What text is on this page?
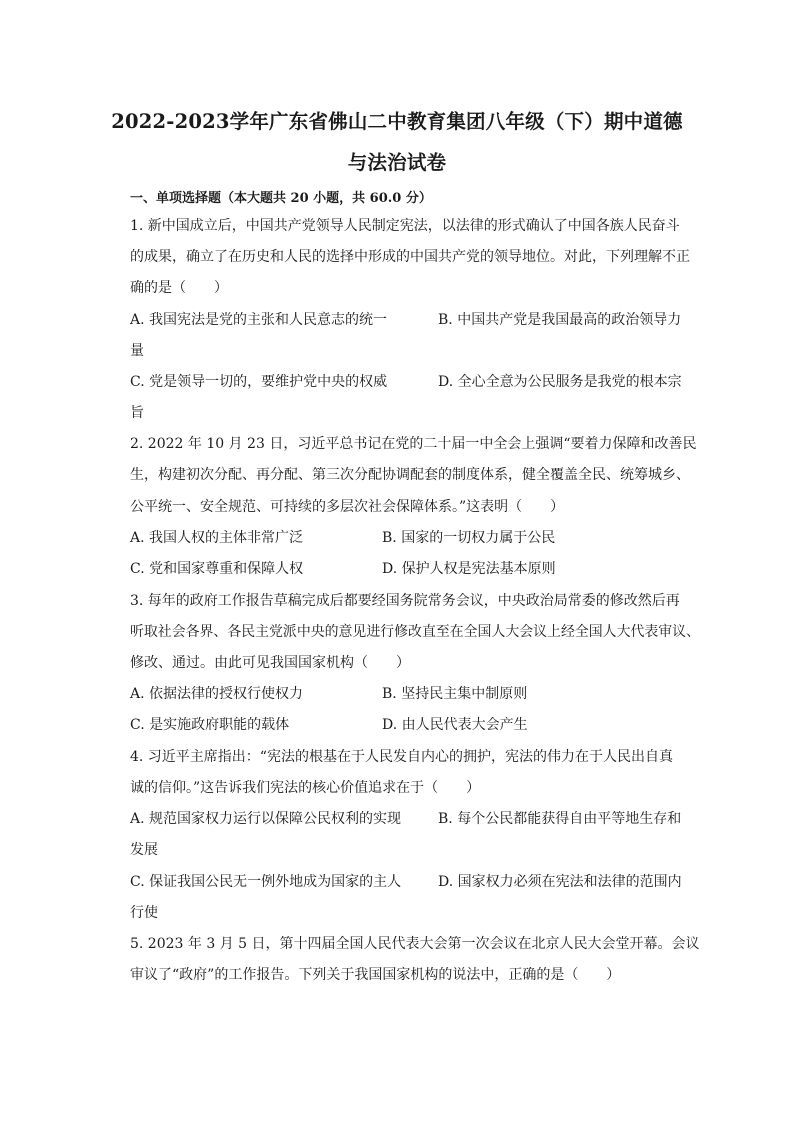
2022-2023学年广东省佛山二中教育集团八年级（下）期中道德
与法治试卷
一、单项选择题（本大题共 20 小题，共 60.0 分）
1. 新中国成立后，中国共产党领导人民制定宪法，以法律的形式确认了中国各族人民奋斗
的成果，确立了在历史和人民的选择中形成的中国共产党的领导地位。对此，下列理解不正
确的是（　　）
A. 我国宪法是党的主张和人民意志的统一	B. 中国共产党是我国最高的政治领导力
量
C. 党是领导一切的，要维护党中央的权威	D. 全心全意为公民服务是我党的根本宗
旨
2. 2022 年 10 月 23 日，习近平总书记在党的二十届一中全会上强调“要着力保障和改善民
生，构建初次分配、再分配、第三次分配协调配套的制度体系，健全覆盖全民、统筹城乡、
公平统一、安全规范、可持续的多层次社会保障体系。”这表明（　　）
A. 我国人权的主体非常广泛	B. 国家的一切权力属于公民
C. 党和国家尊重和保障人权	D. 保护人权是宪法基本原则
3. 每年的政府工作报告草稿完成后都要经国务院常务会议，中央政治局常委的修改然后再
听取社会各界、各民主党派中央的意见进行修改直至在全国人大会议上经全国人大代表审议、
修改、通过。由此可见我国国家机构（　　）
A. 依据法律的授权行使权力	B. 坚持民主集中制原则
C. 是实施政府职能的载体	D. 由人民代表大会产生
4. 习近平主席指出：“宪法的根基在于人民发自内心的拥护，宪法的伟力在于人民出自真
诚的信仰。”这告诉我们宪法的核心价值追求在于（　　）
A. 规范国家权力运行以保障公民权利的实现	B. 每个公民都能获得自由平等地生存和
发展
C. 保证我国公民无一例外地成为国家的主人	D. 国家权力必须在宪法和法律的范围内
行使
5. 2023 年 3 月 5 日，第十四届全国人民代表大会第一次会议在北京人民大会堂开幕。会议
审议了“政府”的工作报告。下列关于我国国家机构的说法中，正确的是（　　）
